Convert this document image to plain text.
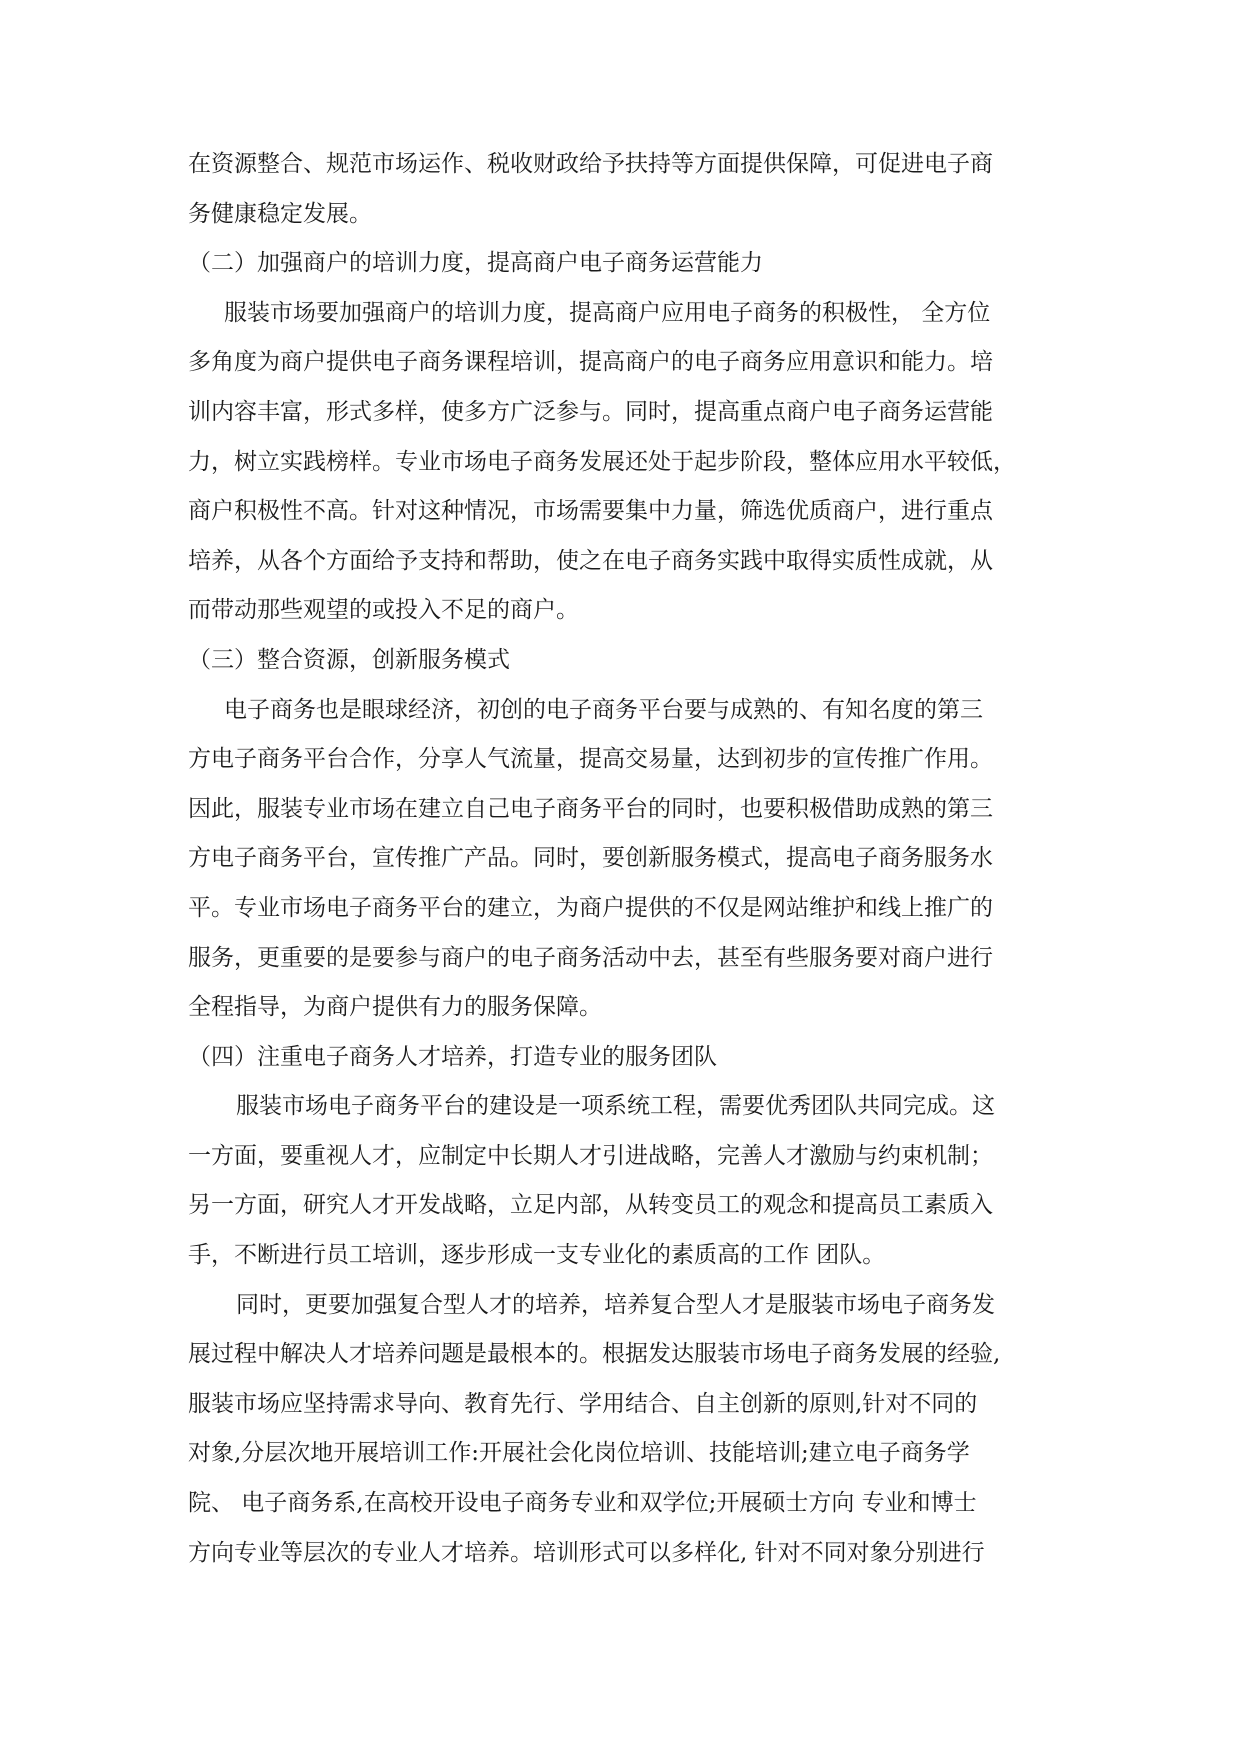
在资源整合、规范市场运作、税收财政给予扶持等方面提供保障，可促进电子商
务健康稳定发展。
（二）加强商户的培训力度，提高商户电子商务运营能力
服装市场要加强商户的培训力度，提高商户应用电子商务的积极性， 全方位
多角度为商户提供电子商务课程培训，提高商户的电子商务应用意识和能力。培
训内容丰富，形式多样，使多方广泛参与。同时，提高重点商户电子商务运营能
力，树立实践榜样。专业市场电子商务发展还处于起步阶段，整体应用水平较低，
商户积极性不高。针对这种情况，市场需要集中力量，筛选优质商户，进行重点
培养，从各个方面给予支持和帮助，使之在电子商务实践中取得实质性成就，从
而带动那些观望的或投入不足的商户。
（三）整合资源，创新服务模式
电子商务也是眼球经济，初创的电子商务平台要与成熟的、有知名度的第三
方电子商务平台合作，分享人气流量，提高交易量，达到初步的宣传推广作用。
因此，服装专业市场在建立自己电子商务平台的同时，也要积极借助成熟的第三
方电子商务平台，宣传推广产品。同时，要创新服务模式，提高电子商务服务水
平。专业市场电子商务平台的建立，为商户提供的不仅是网站维护和线上推广的
服务，更重要的是要参与商户的电子商务活动中去，甚至有些服务要对商户进行
全程指导，为商户提供有力的服务保障。
（四）注重电子商务人才培养，打造专业的服务团队
服装市场电子商务平台的建设是一项系统工程，需要优秀团队共同完成。这
一方面，要重视人才，应制定中长期人才引进战略，完善人才激励与约束机制；
另一方面，研究人才开发战略，立足内部，从转变员工的观念和提高员工素质入
手，不断进行员工培训，逐步形成一支专业化的素质高的工作 团队。
同时，更要加强复合型人才的培养，培养复合型人才是服装市场电子商务发
展过程中解决人才培养问题是最根本的。根据发达服装市场电子商务发展的经验,
服装市场应坚持需求导向、教育先行、学用结合、自主创新的原则,针对不同的
对象,分层次地开展培训工作:开展社会化岗位培训、技能培训;建立电子商务学
院、 电子商务系,在高校开设电子商务专业和双学位;开展硕士方向 专业和博士
方向专业等层次的专业人才培养。培训形式可以多样化, 针对不同对象分别进行
